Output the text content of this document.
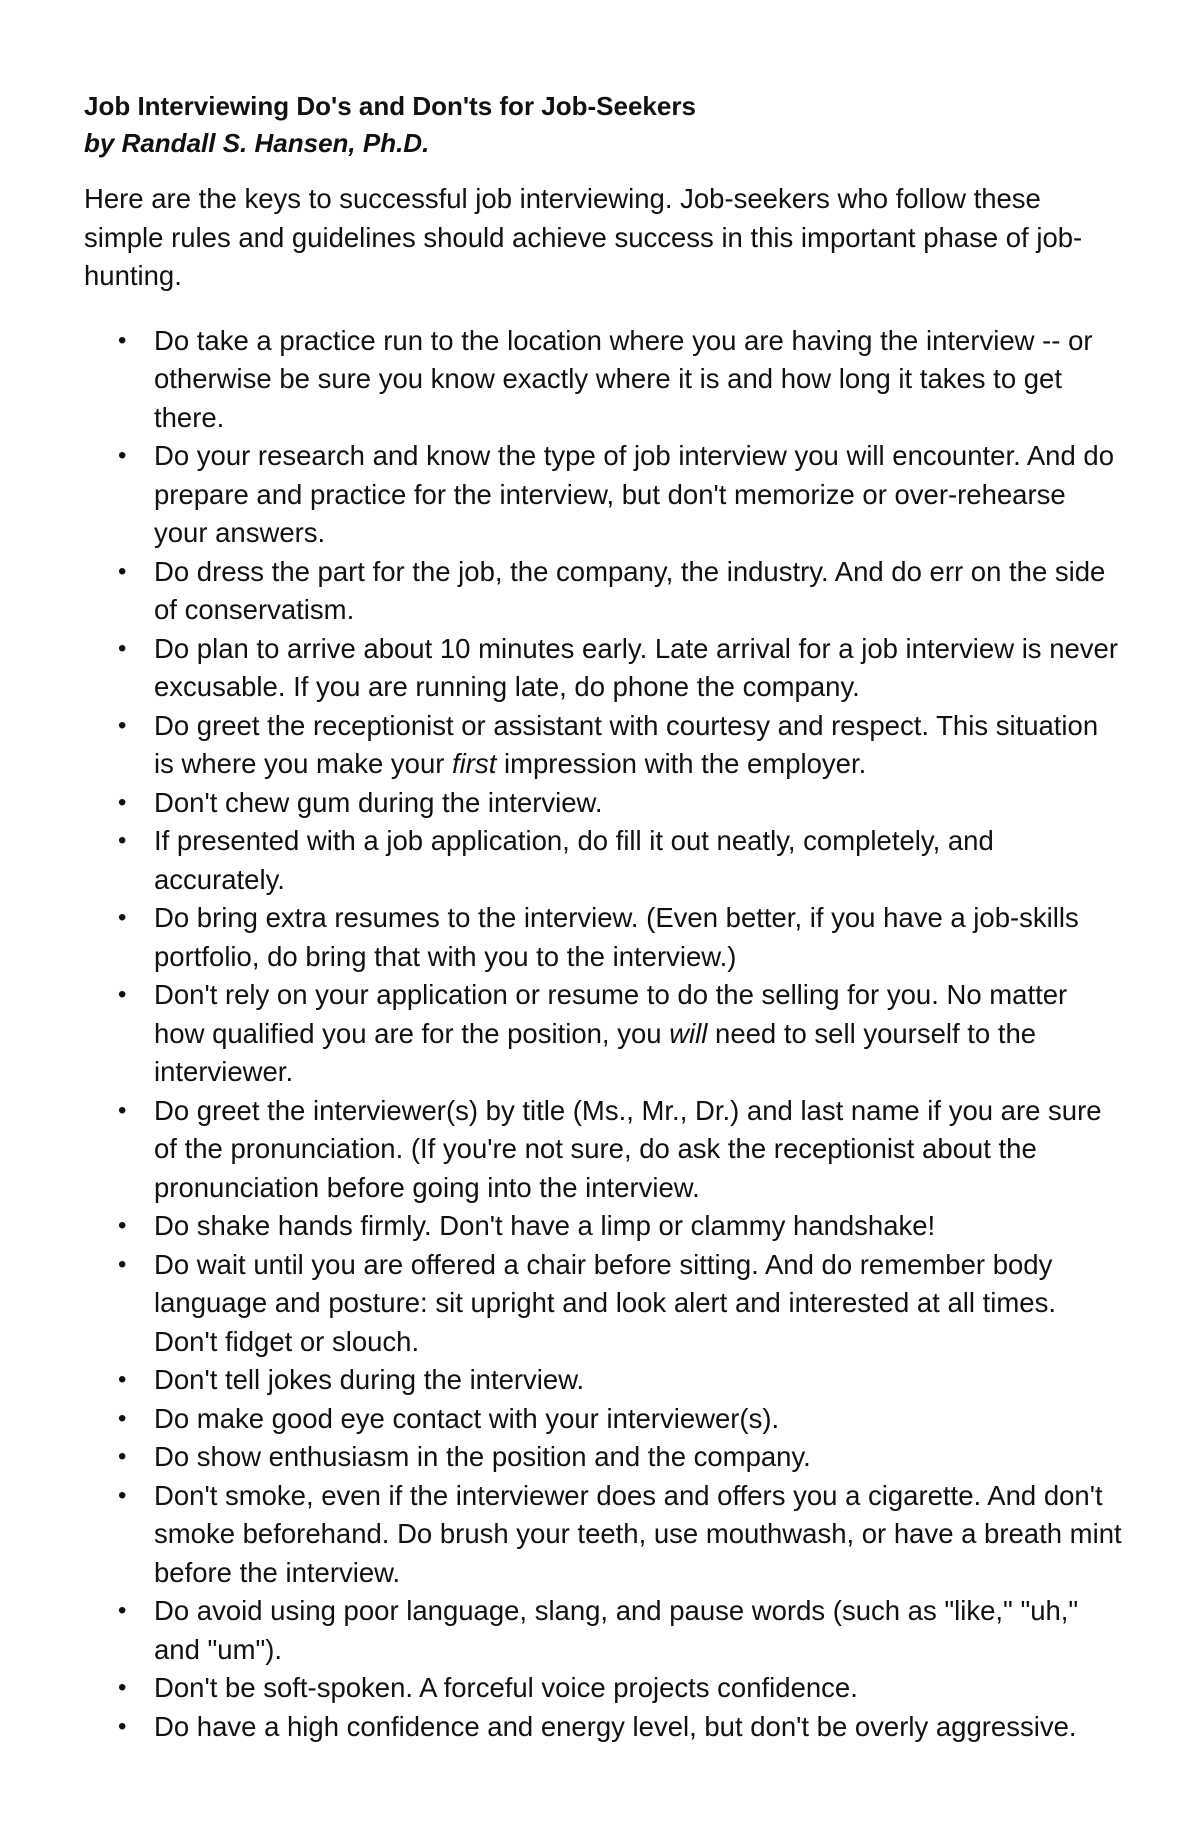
Job Interviewing Do's and Don'ts for Job-Seekers

by Randall S. Hansen, Ph.D.

Here are the keys to successful job interviewing. Job-seekers who follow these simple rules and guidelines should achieve success in this important phase of job-hunting.

• Do take a practice run to the location where you are having the interview -- or otherwise be sure you know exactly where it is and how long it takes to get there.
• Do your research and know the type of job interview you will encounter. And do prepare and practice for the interview, but don't memorize or over-rehearse your answers.
• Do dress the part for the job, the company, the industry. And do err on the side of conservatism.
• Do plan to arrive about 10 minutes early. Late arrival for a job interview is never excusable. If you are running late, do phone the company.
• Do greet the receptionist or assistant with courtesy and respect. This situation is where you make your first impression with the employer.
• Don't chew gum during the interview.
• If presented with a job application, do fill it out neatly, completely, and accurately.
• Do bring extra resumes to the interview. (Even better, if you have a job-skills portfolio, do bring that with you to the interview.)
• Don't rely on your application or resume to do the selling for you. No matter how qualified you are for the position, you will need to sell yourself to the interviewer.
• Do greet the interviewer(s) by title (Ms., Mr., Dr.) and last name if you are sure of the pronunciation. (If you're not sure, do ask the receptionist about the pronunciation before going into the interview.
• Do shake hands firmly. Don't have a limp or clammy handshake!
• Do wait until you are offered a chair before sitting. And do remember body language and posture: sit upright and look alert and interested at all times. Don't fidget or slouch.
• Don't tell jokes during the interview.
• Do make good eye contact with your interviewer(s).
• Do show enthusiasm in the position and the company.
• Don't smoke, even if the interviewer does and offers you a cigarette. And don't smoke beforehand. Do brush your teeth, use mouthwash, or have a breath mint before the interview.
• Do avoid using poor language, slang, and pause words (such as "like," "uh," and "um").
• Don't be soft-spoken. A forceful voice projects confidence.
• Do have a high confidence and energy level, but don't be overly aggressive.
